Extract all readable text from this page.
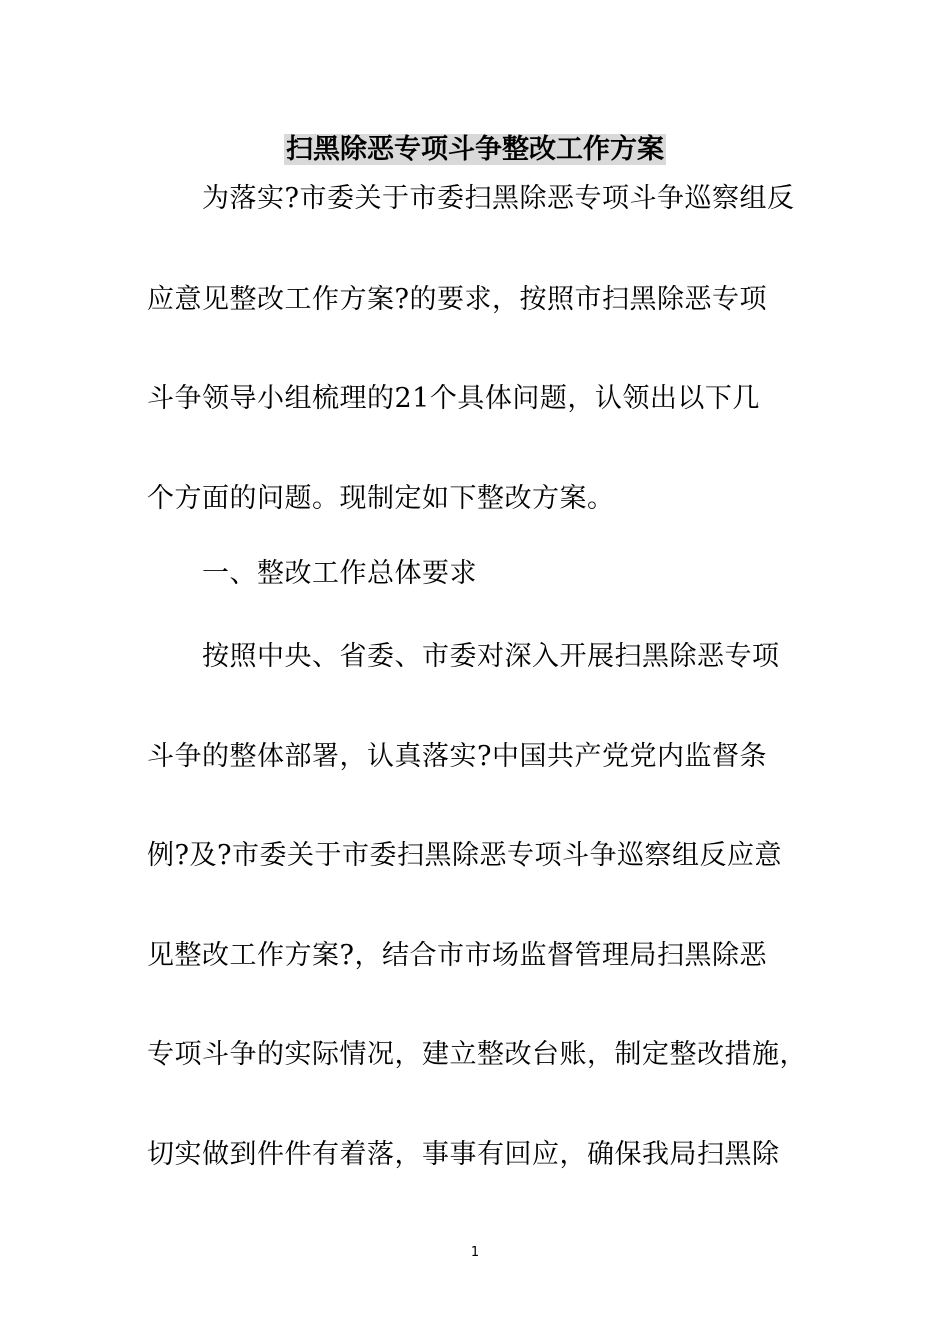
扫黑除恶专项斗争整改工作方案
为落实?市委关于市委扫黑除恶专项斗争巡察组反
应意见整改工作方案?的要求，按照市扫黑除恶专项
斗争领导小组梳理的21个具体问题，认领出以下几
个方面的问题。现制定如下整改方案。
一、整改工作总体要求
按照中央、省委、市委对深入开展扫黑除恶专项
斗争的整体部署，认真落实?中国共产党党内监督条
例?及?市委关于市委扫黑除恶专项斗争巡察组反应意
见整改工作方案?，结合市市场监督管理局扫黑除恶
专项斗争的实际情况，建立整改台账，制定整改措施，
切实做到件件有着落，事事有回应，确保我局扫黑除
1
